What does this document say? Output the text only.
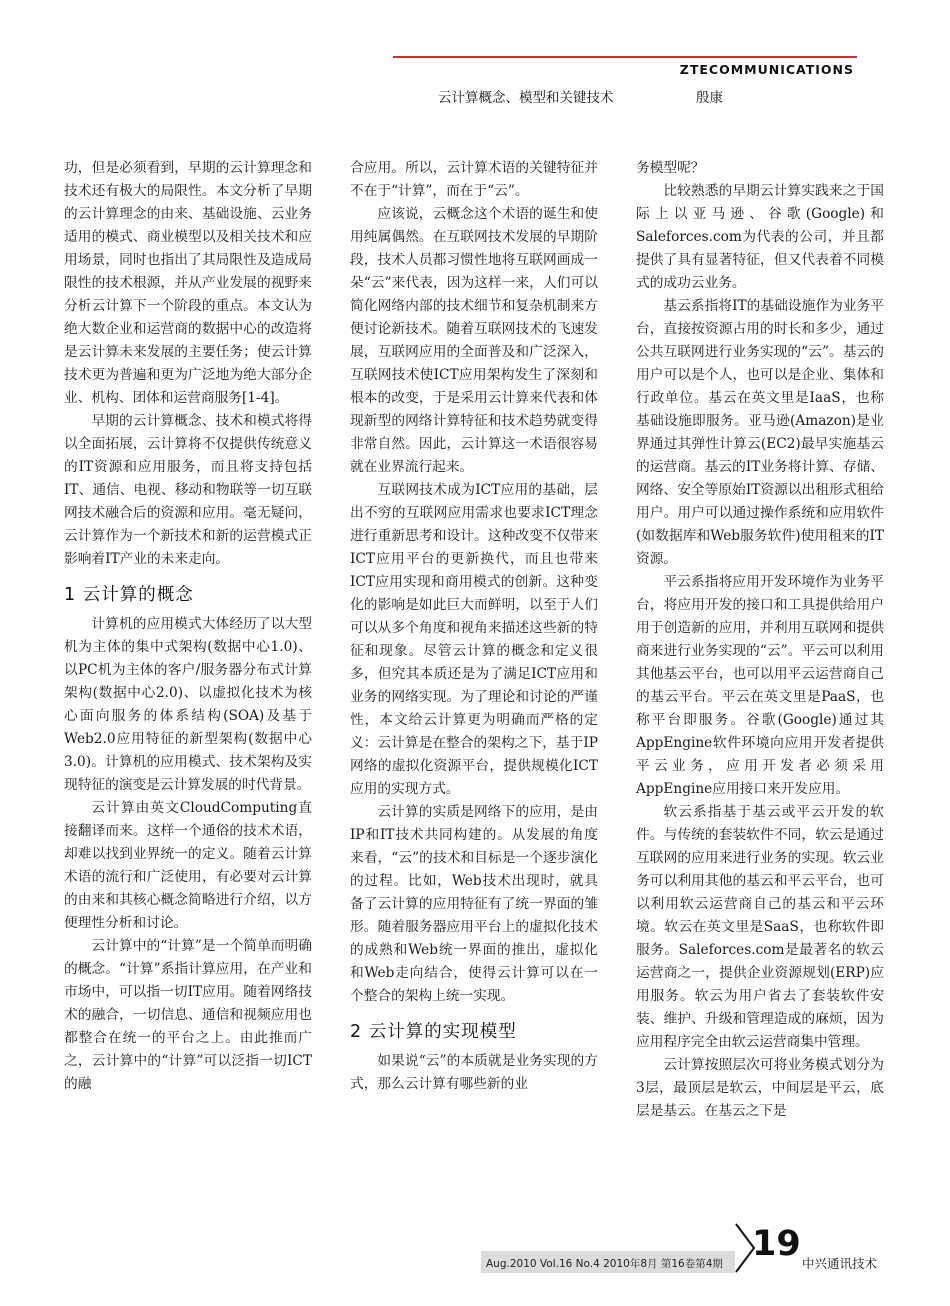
ZTECOMMUNICATIONS
云计算概念、模型和关键技术	殷康

功，但是必须看到，早期的云计算理念和技术还有极大的局限性。本文分析了早期的云计算理念的由来、基础设施、云业务适用的模式、商业模型以及相关技术和应用场景，同时也指出了其局限性及造成局限性的技术根源，并从产业发展的视野来分析云计算下一个阶段的重点。本文认为绝大数企业和运营商的数据中心的改造将是云计算未来发展的主要任务；使云计算技术更为普遍和更为广泛地为绝大部分企业、机构、团体和运营商服务[1-4]。

早期的云计算概念、技术和模式将得以全面拓展，云计算将不仅提供传统意义的IT资源和应用服务，而且将支持包括IT、通信、电视、移动和物联等一切互联网技术融合后的资源和应用。毫无疑问，云计算作为一个新技术和新的运营模式正影响着IT产业的未来走向。

1 云计算的概念

计算机的应用模式大体经历了以大型机为主体的集中式架构(数据中心1.0)、以PC机为主体的客户/服务器分布式计算架构(数据中心2.0)、以虚拟化技术为核心面向服务的体系结构(SOA)及基于Web2.0应用特征的新型架构(数据中心3.0)。计算机的应用模式、技术架构及实现特征的演变是云计算发展的时代背景。

云计算由英文CloudComputing直接翻译而来。这样一个通俗的技术术语，却难以找到业界统一的定义。随着云计算术语的流行和广泛使用，有必要对云计算的由来和其核心概念简略进行介绍，以方便理性分析和讨论。

云计算中的“计算”是一个简单而明确的概念。“计算”系指计算应用，在产业和市场中，可以指一切IT应用。随着网络技术的融合，一切信息、通信和视频应用也都整合在统一的平台之上。由此推而广之，云计算中的“计算”可以泛指一切ICT的融

合应用。所以，云计算术语的关键特征并不在于“计算”，而在于“云”。

应该说，云概念这个术语的诞生和使用纯属偶然。在互联网技术发展的早期阶段，技术人员都习惯性地将互联网画成一朵“云”来代表，因为这样一来，人们可以简化网络内部的技术细节和复杂机制来方便讨论新技术。随着互联网技术的飞速发展，互联网应用的全面普及和广泛深入，互联网技术使ICT应用架构发生了深刻和根本的改变，于是采用云计算来代表和体现新型的网络计算特征和技术趋势就变得非常自然。因此，云计算这一术语很容易就在业界流行起来。

互联网技术成为ICT应用的基础，层出不穷的互联网应用需求也要求ICT理念进行重新思考和设计。这种改变不仅带来ICT应用平台的更新换代，而且也带来ICT应用实现和商用模式的创新。这种变化的影响是如此巨大而鲜明，以至于人们可以从多个角度和视角来描述这些新的特征和现象。尽管云计算的概念和定义很多，但究其本质还是为了满足ICT应用和业务的网络实现。为了理论和讨论的严谨性，本文给云计算更为明确而严格的定义：云计算是在整合的架构之下，基于IP网络的虚拟化资源平台，提供规模化ICT应用的实现方式。

云计算的实质是网络下的应用，是由IP和IT技术共同构建的。从发展的角度来看，“云”的技术和目标是一个逐步演化的过程。比如，Web技术出现时，就具备了云计算的应用特征有了统一界面的雏形。随着服务器应用平台上的虚拟化技术的成熟和Web统一界面的推出，虚拟化和Web走向结合，使得云计算可以在一个整合的架构上统一实现。

2 云计算的实现模型

如果说“云”的本质就是业务实现的方式，那么云计算有哪些新的业

务模型呢？

比较熟悉的早期云计算实践来之于国际上以亚马逊、谷歌(Google)和Saleforces.com为代表的公司，并且都提供了具有显著特征，但又代表着不同模式的成功云业务。

基云系指将IT的基础设施作为业务平台，直接按资源占用的时长和多少，通过公共互联网进行业务实现的“云”。基云的用户可以是个人，也可以是企业、集体和行政单位。基云在英文里是IaaS，也称基础设施即服务。亚马逊(Amazon)是业界通过其弹性计算云(EC2)最早实施基云的运营商。基云的IT业务将计算、存储、网络、安全等原始IT资源以出租形式租给用户。用户可以通过操作系统和应用软件(如数据库和Web服务软件)使用租来的IT资源。

平云系指将应用开发环境作为业务平台，将应用开发的接口和工具提供给用户用于创造新的应用，并利用互联网和提供商来进行业务实现的“云”。平云可以利用其他基云平台，也可以用平云运营商自己的基云平台。平云在英文里是PaaS，也称平台即服务。谷歌(Google)通过其AppEngine软件环境向应用开发者提供平云业务，应用开发者必须采用AppEngine应用接口来开发应用。

软云系指基于基云或平云开发的软件。与传统的套装软件不同，软云是通过互联网的应用来进行业务的实现。软云业务可以利用其他的基云和平云平台，也可以利用软云运营商自己的基云和平云环境。软云在英文里是SaaS，也称软件即服务。Saleforces.com是最著名的软云运营商之一，提供企业资源规划(ERP)应用服务。软云为用户省去了套装软件安装、维护、升级和管理造成的麻烦，因为应用程序完全由软云运营商集中管理。

云计算按照层次可将业务模式划分为3层，最顶层是软云，中间层是平云，底层是基云。在基云之下是

Aug.2010 Vol.16 No.4 2010年8月 第16卷第4期 19 中兴通讯技术
